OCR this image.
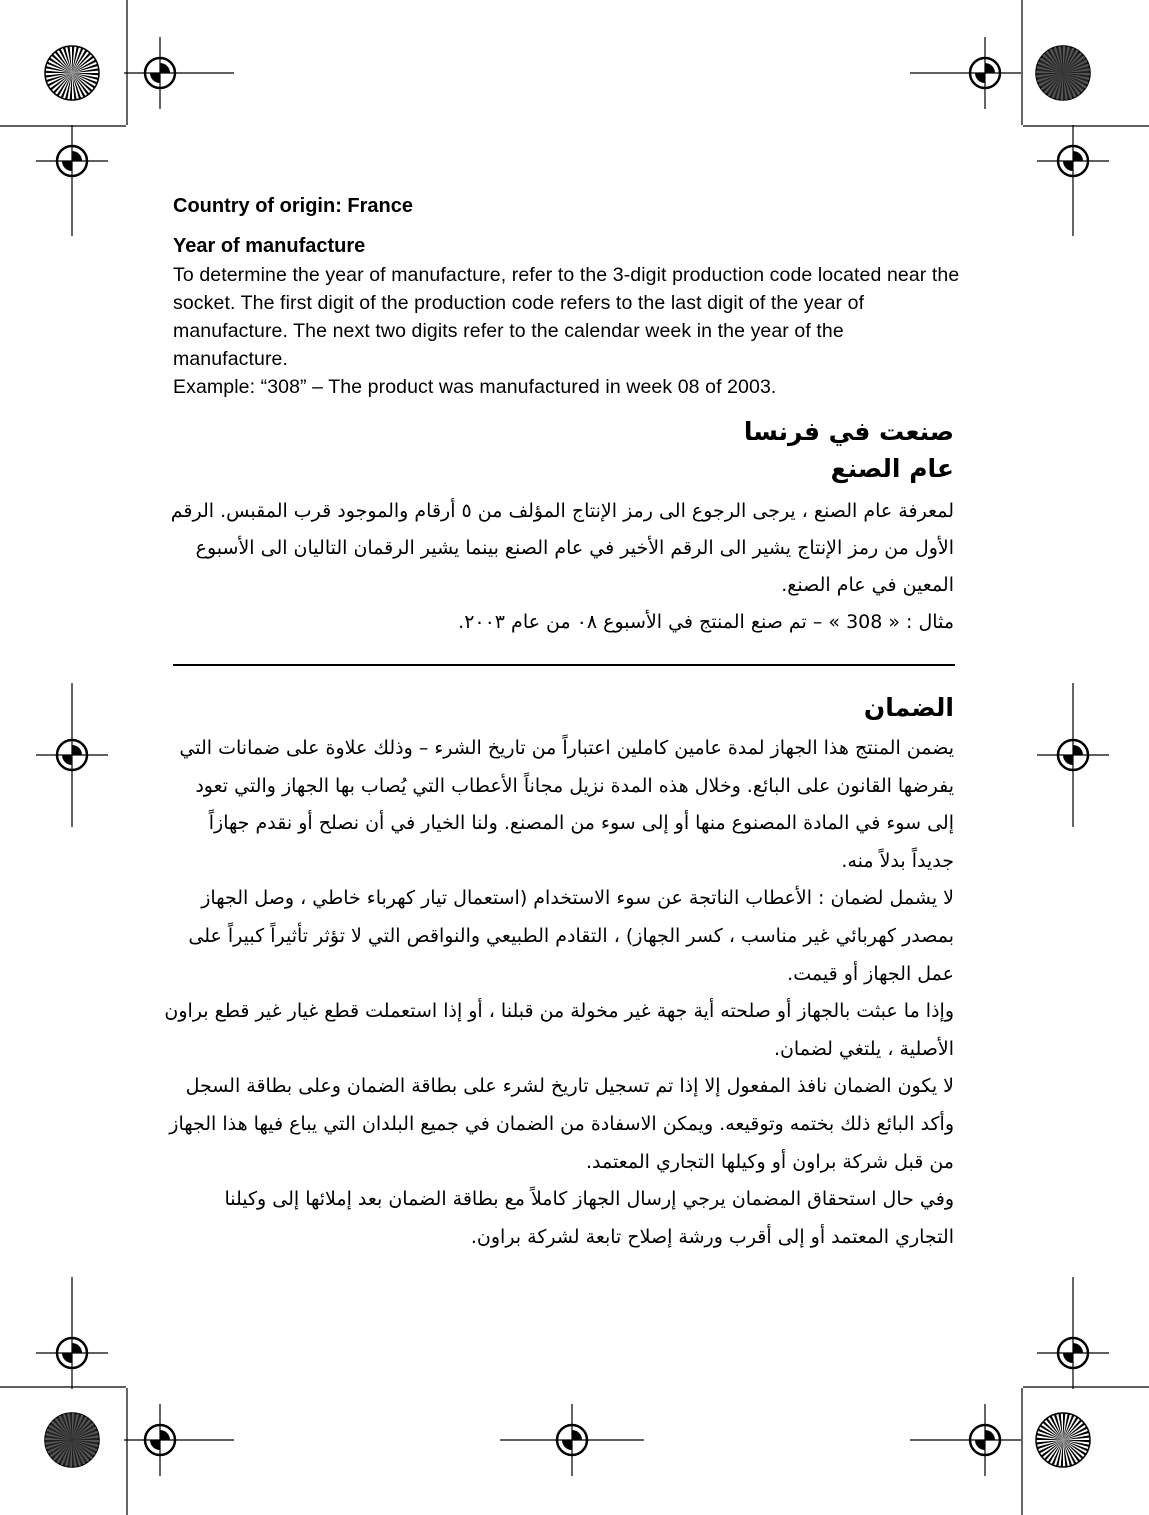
Country of origin: France
Year of manufacture

To determine the year of manufacture, refer to the 3-digit production code located near the socket. The first digit of the production code refers to the last digit of the year of manufacture. The next two digits refer to the calendar week in the year of the manufacture.

Example: “308” – The product was manufactured in week 08 of 2003.

صنعت في فرنسا
عام الصنع

لمعرفة عام الصنع ، يرجى الرجوع الى رمز الإنتاج المؤلف من ٥ أرقام والموجود قرب المقبس. الرقم الأول من رمز الإنتاج يشير الى الرقم الأخير في عام الصنع بينما يشير الرقمان التاليان الى الأسبوع المعين في عام الصنع.

مثال : « 308 » – تم صنع المنتج في الأسبوع ٠٨ من عام ٢٠٠٣.

الضمان

يضمن المنتج هذا الجهاز لمدة عامين كاملين اعتباراً من تاريخ الشرء – وذلك علاوة على ضمانات التي يفرضها القانون على البائع. وخلال هذه المدة نزيل مجاناً الأعطاب التي يُصاب بها الجهاز والتي تعود إلى سوء في المادة المصنوع منها أو إلى سوء من المصنع. ولنا الخيار في أن نصلح أو نقدم جهازاً جديداً بدلاً منه.

لا يشمل لضمان : الأعطاب الناتجة عن سوء الاستخدام (استعمال تيار كهرباء خاطي ، وصل الجهاز بمصدر كهربائي غير مناسب ، كسر الجهاز) ، التقادم الطبيعي والنواقص التي لا تؤثر تأثيراً كبيراً على عمل الجهاز أو قيمت.

وإذا ما عبثت بالجهاز أو صلحته أية جهة غير مخولة من قبلنا ، أو إذا استعملت قطع غيار غير قطع براون الأصلية ، يلتغي لضمان.

لا يكون الضمان نافذ المفعول إلا إذا تم تسجيل تاريخ لشرء على بطاقة الضمان وعلى بطاقة السجل وأكد البائع ذلك بختمه وتوقيعه. ويمكن الاسفادة من الضمان في جميع البلدان التي يباع فيها هذا الجهاز من قبل شركة براون أو وكيلها التجاري المعتمد.

وفي حال استحقاق المضمان يرجي إرسال الجهاز كاملاً مع بطاقة الضمان بعد إملائها إلى وكيلنا التجاري المعتمد أو إلى أقرب ورشة إصلاح تابعة لشركة براون.
